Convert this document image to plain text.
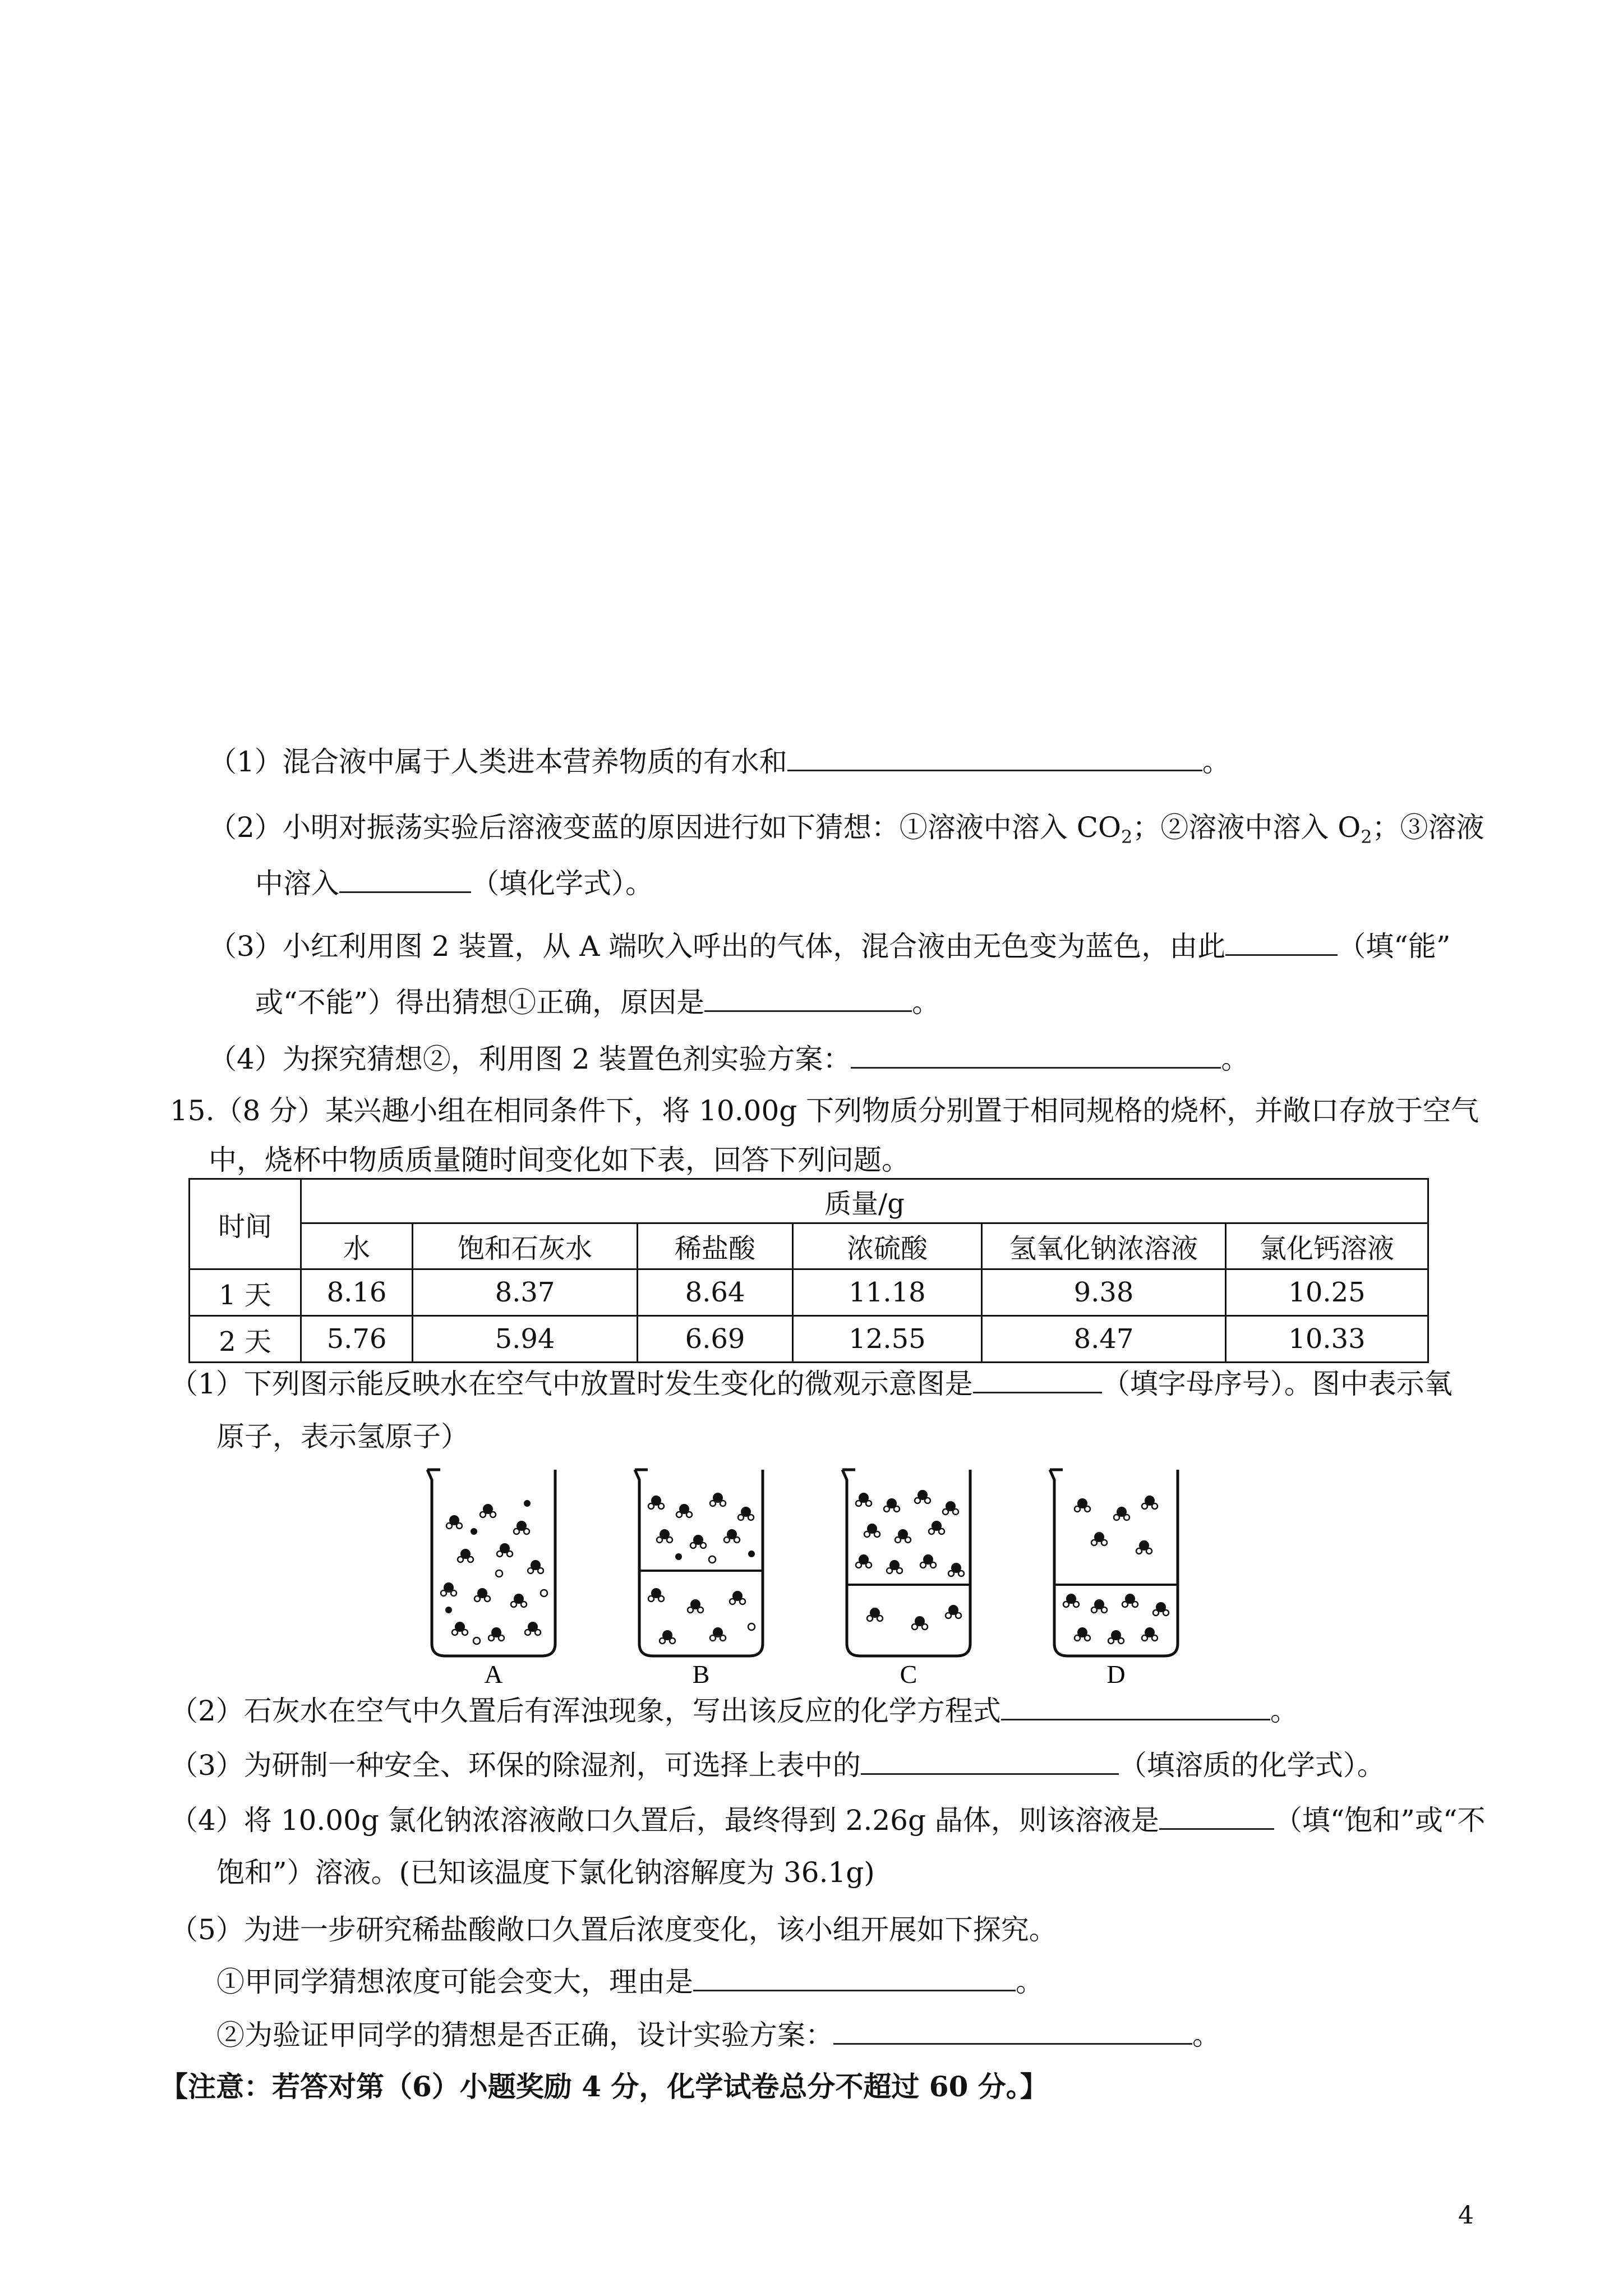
（1）混合液中属于人类进本营养物质的有水和	。
（2）小明对振荡实验后溶液变蓝的原因进行如下猜想：①溶液中溶入 $CO_2$；②溶液中溶入 $O_2$；③溶液
中溶入	（填化学式）。
（3）小红利用图 2 装置，从 A 端吹入呼出的气体，混合液由无色变为蓝色，由此	（填“能”
或“不能”）得出猜想①正确，原因是	。
（4）为探究猜想②，利用图 2 装置色剂实验方案：	。
15.（8 分）某兴趣小组在相同条件下，将 10.00g 下列物质分别置于相同规格的烧杯，并敞口存放于空气
中，烧杯中物质质量随时间变化如下表，回答下列问题。
时间	质量/g					
	水	饱和石灰水	稀盐酸	浓硫酸	氢氧化钠浓溶液	氯化钙溶液
1 天	8.16	8.37	8.64	11.18	9.38	10.25
2 天	5.76	5.94	6.69	12.55	8.47	10.33
（1）下列图示能反映水在空气中放置时发生变化的微观示意图是	（填字母序号）。图中表示氧
原子，表示氢原子）
A	B	C	D
（2）石灰水在空气中久置后有浑浊现象，写出该反应的化学方程式	。
（3）为研制一种安全、环保的除湿剂，可选择上表中的	（填溶质的化学式）。
（4）将 10.00g 氯化钠浓溶液敞口久置后，最终得到 2.26g 晶体，则该溶液是	（填“饱和”或“不
饱和”）溶液。(已知该温度下氯化钠溶解度为 36.1g)
（5）为进一步研究稀盐酸敞口久置后浓度变化，该小组开展如下探究。
①甲同学猜想浓度可能会变大，理由是	。
②为验证甲同学的猜想是否正确，设计实验方案：	。
【注意：若答对第（6）小题奖励 4 分，化学试卷总分不超过 60 分。】
4
